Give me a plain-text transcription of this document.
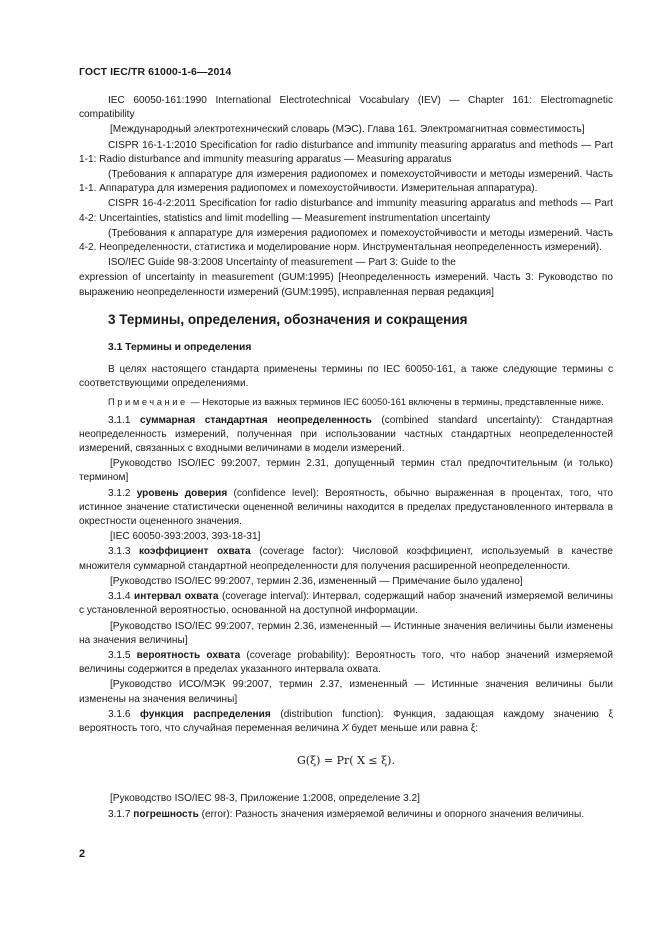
ГОСТ IEC/TR 61000-1-6—2014

IEC 60050-161:1990 International Electrotechnical Vocabulary (IEV) — Chapter 161: Electromagnetic compatibility

[Международный электротехнический словарь (МЭС). Глава 161. Электромагнитная совместимость]

CISPR 16-1-1:2010 Specification for radio disturbance and immunity measuring apparatus and methods — Part 1-1: Radio disturbance and immunity measuring apparatus — Measuring apparatus

(Требования к аппаратуре для измерения радиопомех и помехоустойчивости и методы измерений. Часть 1-1. Аппаратура для измерения радиопомех и помехоустойчивости. Измерительная аппаратура).

CISPR 16-4-2:2011 Specification for radio disturbance and immunity measuring apparatus and methods — Part 4-2: Uncertainties, statistics and limit modelling — Measurement instrumentation uncertainty

(Требования к аппаратуре для измерения радиопомех и помехоустойчивости и методы измерений. Часть 4-2. Неопределенности, статистика и моделирование норм. Инструментальная неопределенность измерений).

ISO/IEC Guide 98-3:2008 Uncertainty of measurement — Part 3: Guide to the

expression of uncertainty in measurement (GUM:1995) [Неопределенность измерений. Часть 3: Руководство по выражению неопределенности измерений (GUM:1995), исправленная первая редакция]

3 Термины, определения, обозначения и сокращения
3.1 Термины и определения

В целях настоящего стандарта применены термины по IEC 60050-161, а также следующие термины с соответствующими определениями.

Примечание — Некоторые из важных терминов IEC 60050-161 включены в термины, представленные ниже.

3.1.1 суммарная стандартная неопределенность (combined standard uncertainty): Стандартная неопределенность измерений, полученная при использовании частных стандартных неопределенностей измерений, связанных с входными величинами в модели измерений.

[Руководство ISO/IEC 99:2007, термин 2.31, допущенный термин стал предпочтительным (и только) термином]

3.1.2 уровень доверия (confidence level): Вероятность, обычно выраженная в процентах, того, что истинное значение статистически оцененной величины находится в пределах предустановленного интервала в окрестности оцененного значения.

[IEC 60050-393:2003, 393-18-31]

3.1.3 коэффициент охвата (coverage factor): Числовой коэффициент, используемый в качестве множителя суммарной стандартной неопределенности для получения расширенной неопределенности.

[Руководство ISO/IEC 99:2007, термин 2.36, измененный — Примечание было удалено]

3.1.4 интервал охвата (coverage interval): Интервал, содержащий набор значений измеряемой величины с установленной вероятностью, основанной на доступной информации.

[Руководство ISO/IEC 99:2007, термин 2.36, измененный — Истинные значения величины были изменены на значения величины]

3.1.5 вероятность охвата (coverage probability): Вероятность того, что набор значений измеряемой величины содержится в пределах указанного интервала охвата.

[Руководство ИСО/МЭК 99:2007, термин 2.37, измененный — Истинные значения величины были изменены на значения величины]

3.1.6 функция распределения (distribution function): Функция, задающая каждому значению ξ вероятность того, что случайная переменная величина X будет меньше или равна ξ:

G(ξ) = Pr( X ≤ ξ).

[Руководство ISO/IEC 98-3, Приложение 1:2008, определение 3.2]

3.1.7 погрешность (error): Разность значения измеряемой величины и опорного значения величины.

2
